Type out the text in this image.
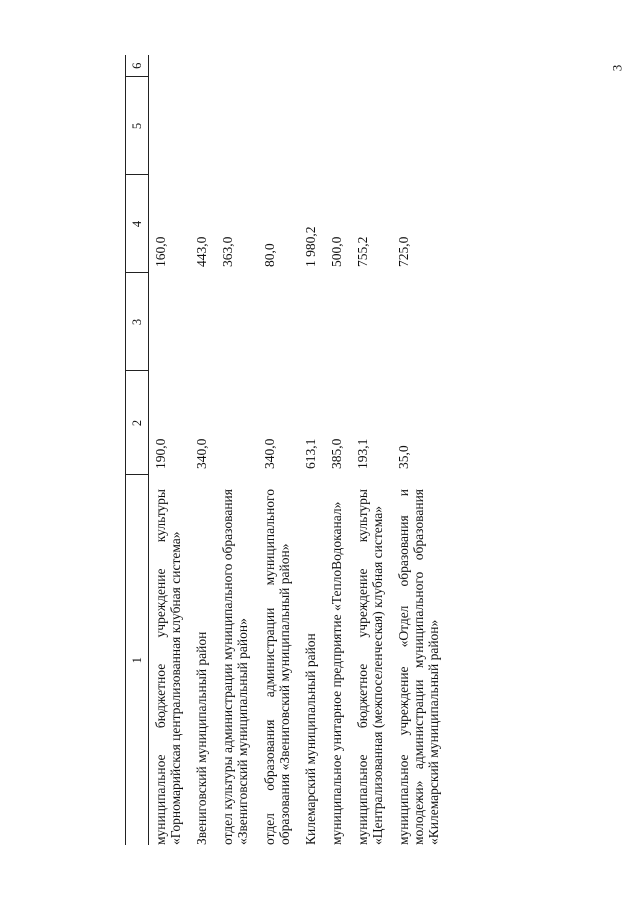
3
1	2	3	4	5	6
муниципальное бюджетное учреждение культуры «Горномарийская централизованная клубная система»	190,0		160,0		
Звениговский муниципальный район	340,0		443,0		
отдел культуры администрации муниципального образования «Звениговский муниципальный район»			363,0		
отдел образования администрации муниципального образования «Звениговский муниципальный район»	340,0		80,0		
Килемарский муниципальный район	613,1		1 980,2		
муниципальное унитарное предприятие «ТеплоВодоканал»	385,0		500,0		
муниципальное бюджетное учреждение культуры «Централизованная (межпоселенческая) клубная система»	193,1		755,2		
муниципальное учреждение «Отдел образования и молодежи» администрации муниципального образования «Килемарский муниципальный район»	35,0		725,0		
